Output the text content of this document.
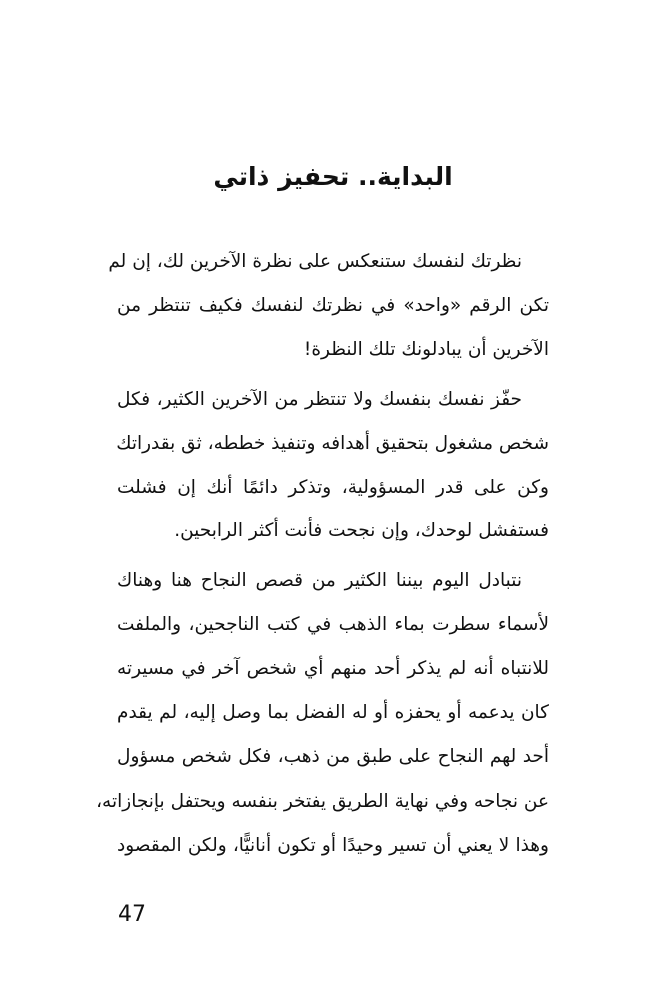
البداية.. تحفيز ذاتي
نظرتك لنفسك ستنعكس على نظرة الآخرين لك، إن لم
تكن الرقم «واحد» في نظرتك لنفسك فكيف تنتظر من
الآخرين أن يبادلونك تلك النظرة!
حفّز نفسك بنفسك ولا تنتظر من الآخرين الكثير، فكل
شخص مشغول بتحقيق أهدافه وتنفيذ خططه، ثق بقدراتك
وكن على قدر المسؤولية، وتذكر دائمًا أنك إن فشلت
فستفشل لوحدك، وإن نجحت فأنت أكثر الرابحين.
نتبادل اليوم بيننا الكثير من قصص النجاح هنا وهناك
لأسماء سطرت بماء الذهب في كتب الناجحين، والملفت
للانتباه أنه لم يذكر أحد منهم أي شخص آخر في مسيرته
كان يدعمه أو يحفزه أو له الفضل بما وصل إليه، لم يقدم
أحد لهم النجاح على طبق من ذهب، فكل شخص مسؤول
عن نجاحه وفي نهاية الطريق يفتخر بنفسه ويحتفل بإنجازاته،
وهذا لا يعني أن تسير وحيدًا أو تكون أنانيًّا، ولكن المقصود
47
